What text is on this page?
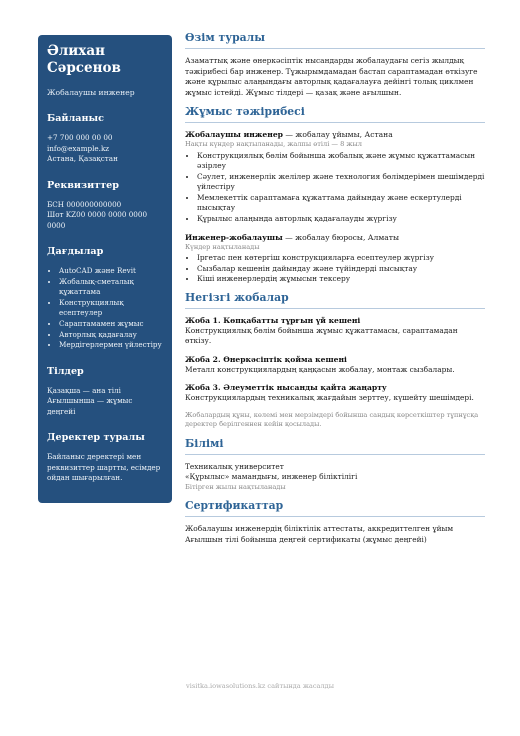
Әлихан
Сәрсенов
Жобалаушы инженер
Байланыс
+7 700 000 00 00
info@example.kz
Астана, Қазақстан
Реквизиттер
БСН 000000000000
Шот KZ00 0000 0000 0000
0000
Дағдылар
• AutoCAD және Revit
• Жобалық-сметалық құжаттама
• Конструкциялық есептеулер
• Сараптамамен жұмыс
• Авторлық қадағалау
• Мердігерлермен үйлестіру
Тілдер
Қазақша — ана тілі
Ағылшынша — жұмыс деңгейі
Деректер туралы
Байланыс деректері мен реквизиттер шартты, есімдер ойдан шығарылған.
Өзім туралы
Азаматтық және өнеркәсіптік нысандарды жобалаудағы сегіз жылдық тәжірибесі бар инженер. Тұжырымдамадан бастап сараптамадан өткізуге және құрылыс алаңындағы авторлық қадағалауға дейінгі толық циклмен жұмыс істейді. Жұмыс тілдері — қазақ және ағылшын.
Жұмыс тәжірибесі
Жобалаушы инженер — жобалау ұйымы, Астана
Нақты күндер нақтыланады, жалпы өтілі — 8 жыл
• Конструкциялық бөлім бойынша жобалық және жұмыс құжаттамасын әзірлеу
• Сәулет, инженерлік желілер және технология бөлімдерімен шешімдерді үйлестіру
• Мемлекеттік сараптамаға құжаттама дайындау және ескертулерді пысықтау
• Құрылыс алаңында авторлық қадағалауды жүргізу
Инженер-жобалаушы — жобалау бюросы, Алматы
Күндер нақтыланады
• Іргетас пен көтергіш конструкцияларға есептеулер жүргізу
• Сызбалар кешенін дайындау және түйіндерді пысықтау
• Кіші инженерлердің жұмысын тексеру
Негізгі жобалар
Жоба 1. Көпқабатты тұрғын үй кешені
Конструкциялық бөлім бойынша жұмыс құжаттамасы, сараптамадан өткізу.
Жоба 2. Өнеркәсіптік қойма кешені
Металл конструкциялардың қаңқасын жобалау, монтаж сызбалары.
Жоба 3. Әлеуметтік нысанды қайта жаңарту
Конструкциялардың техникалық жағдайын зерттеу, күшейту шешімдері.
Жобалардың құны, көлемі мен мерзімдері бойынша сандық көрсеткіштер тұпнұсқа деректер берілгеннен кейін қосылады.
Білімі
Техникалық университет
«Құрылыс» мамандығы, инженер біліктілігі
Бітірген жылы нақтыланады
Сертификаттар
Жобалаушы инженердің біліктілік аттестаты, аккредиттелген ұйым Ағылшын тілі бойынша деңгей сертификаты (жұмыс деңгейі)
visitka.iowasolutions.kz сайтында жасалды
